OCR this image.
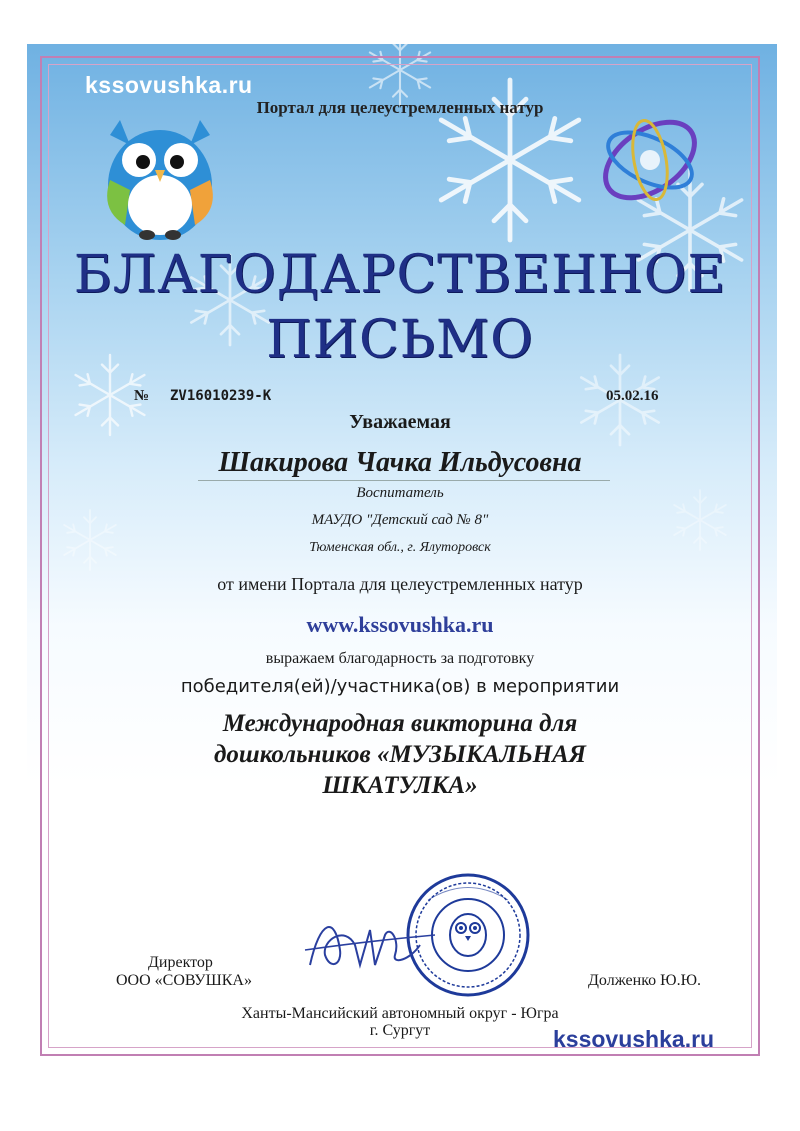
kssovushka.ru
Портал для целеустремленных натур
БЛАГОДАРСТВЕННОЕ
ПИСЬМО
№ ZV16010239-K	05.02.16
Уважаемая
Шакирова Чачка Ильдусовна
Воспитатель
МАУДО "Детский сад № 8"
Тюменская обл., г. Ялуторовск
от имени Портала для целеустремленных натур
www.kssovushka.ru
выражаем благодарность за подготовку
победителя(ей)/участника(ов) в мероприятии
Международная викторина для
дошкольников «МУЗЫКАЛЬНАЯ
ШКАТУЛКА»
Директор
ООО «СОВУШКА»	Долженко Ю.Ю.
Ханты-Мансийский автономный округ - Югра
г. Сургут	kssovushka.ru
